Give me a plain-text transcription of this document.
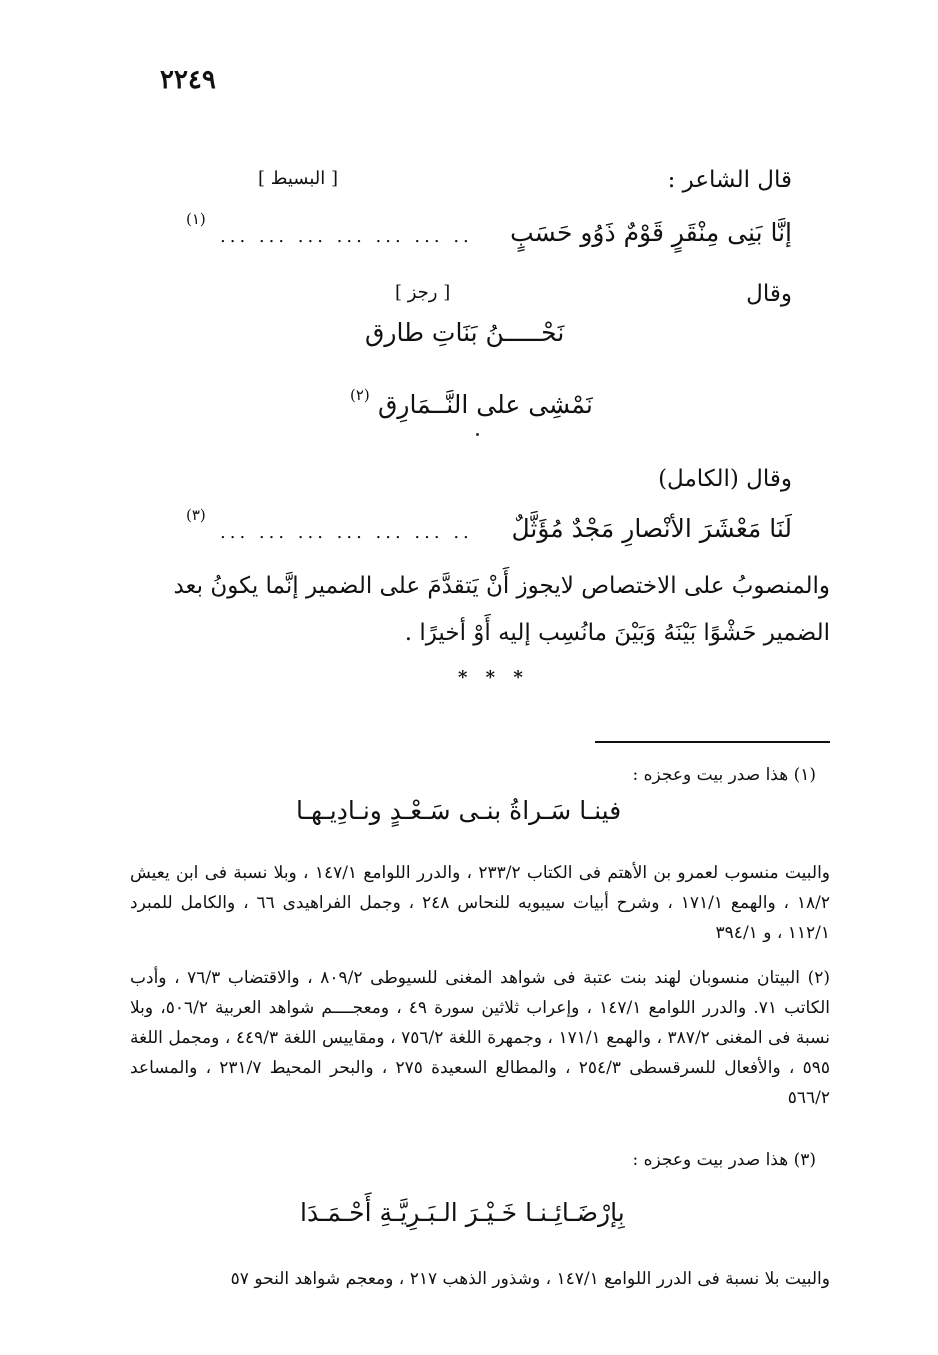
٢٢٤٩
قال الشاعر :
[ البسيط ]
إنَّا بَنِى مِنْقَرٍ قَوْمٌ ذَوُو حَسَبٍ
... ... ... ... ... ... ..
(١)
وقال
[ رجز ]
نَحْـــــنُ بَنَاتِ طارق
نَمْشِى على النَّــمَارِق
(٢)
وقال (الكامل)
لَنَا مَعْشَرَ الأنْصارِ مَجْدٌ مُؤَثَّلٌ
... ... ... ... ... ... ..
(٣)
والمنصوبُ على الاختصاص لايجوز أَنْ يَتقدَّمَ على الضمير إنَّما يكونُ بعد
الضمير حَشْوًا بَيْنَهُ وَبَيْنَ مانُسِب إليه أَوْ أخيرًا .
* * *
(١) هذا صدر بيت وعجزه :
فينـا سَـراةُ بنـى سَـعْـدٍ ونـادِيـهـا
والبيت منسوب لعمرو بن الأهتم فى الكتاب ٢٣٣/٢ ، والدرر اللوامع ١٤٧/١ ، وبلا نسبة فى ابن يعيش ١٨/٢ ، والهمع ١٧١/١ ، وشرح أبيات سيبويه للنحاس ٢٤٨ ، وجمل الفراهيدى ٦٦ ، والكامل للمبرد ١١٢/١ ، و ٣٩٤/١
(٢) البيتان منسوبان لهند بنت عتبة فى شواهد المغنى للسيوطى ٨٠٩/٢ ، والاقتضاب ٧٦/٣ ، وأدب الكاتب ٧١. والدرر اللوامع ١٤٧/١ ، وإعراب ثلاثين سورة ٤٩ ، ومعجــــم شواهد العربية ٥٠٦/٢، وبلا نسبة فى المغنى ٣٨٧/٢ ، والهمع ١٧١/١ ، وجمهرة اللغة ٧٥٦/٢ ، ومقاييس اللغة ٤٤٩/٣ ، ومجمل اللغة ٥٩٥ ، والأفعال للسرقسطى ٢٥٤/٣ ، والمطالع السعيدة ٢٧٥ ، والبحر المحيط ٢٣١/٧ ، والمساعد ٥٦٦/٢
(٣) هذا صدر بيت وعجزه :
بِإرْضَـائِـنـا خَـيْـرَ الـبَـرِيَّـةِ أَحْـمَـدَا
والبيت بلا نسبة فى الدرر اللوامع ١٤٧/١ ، وشذور الذهب ٢١٧ ، ومعجم شواهد النحو ٥٧
